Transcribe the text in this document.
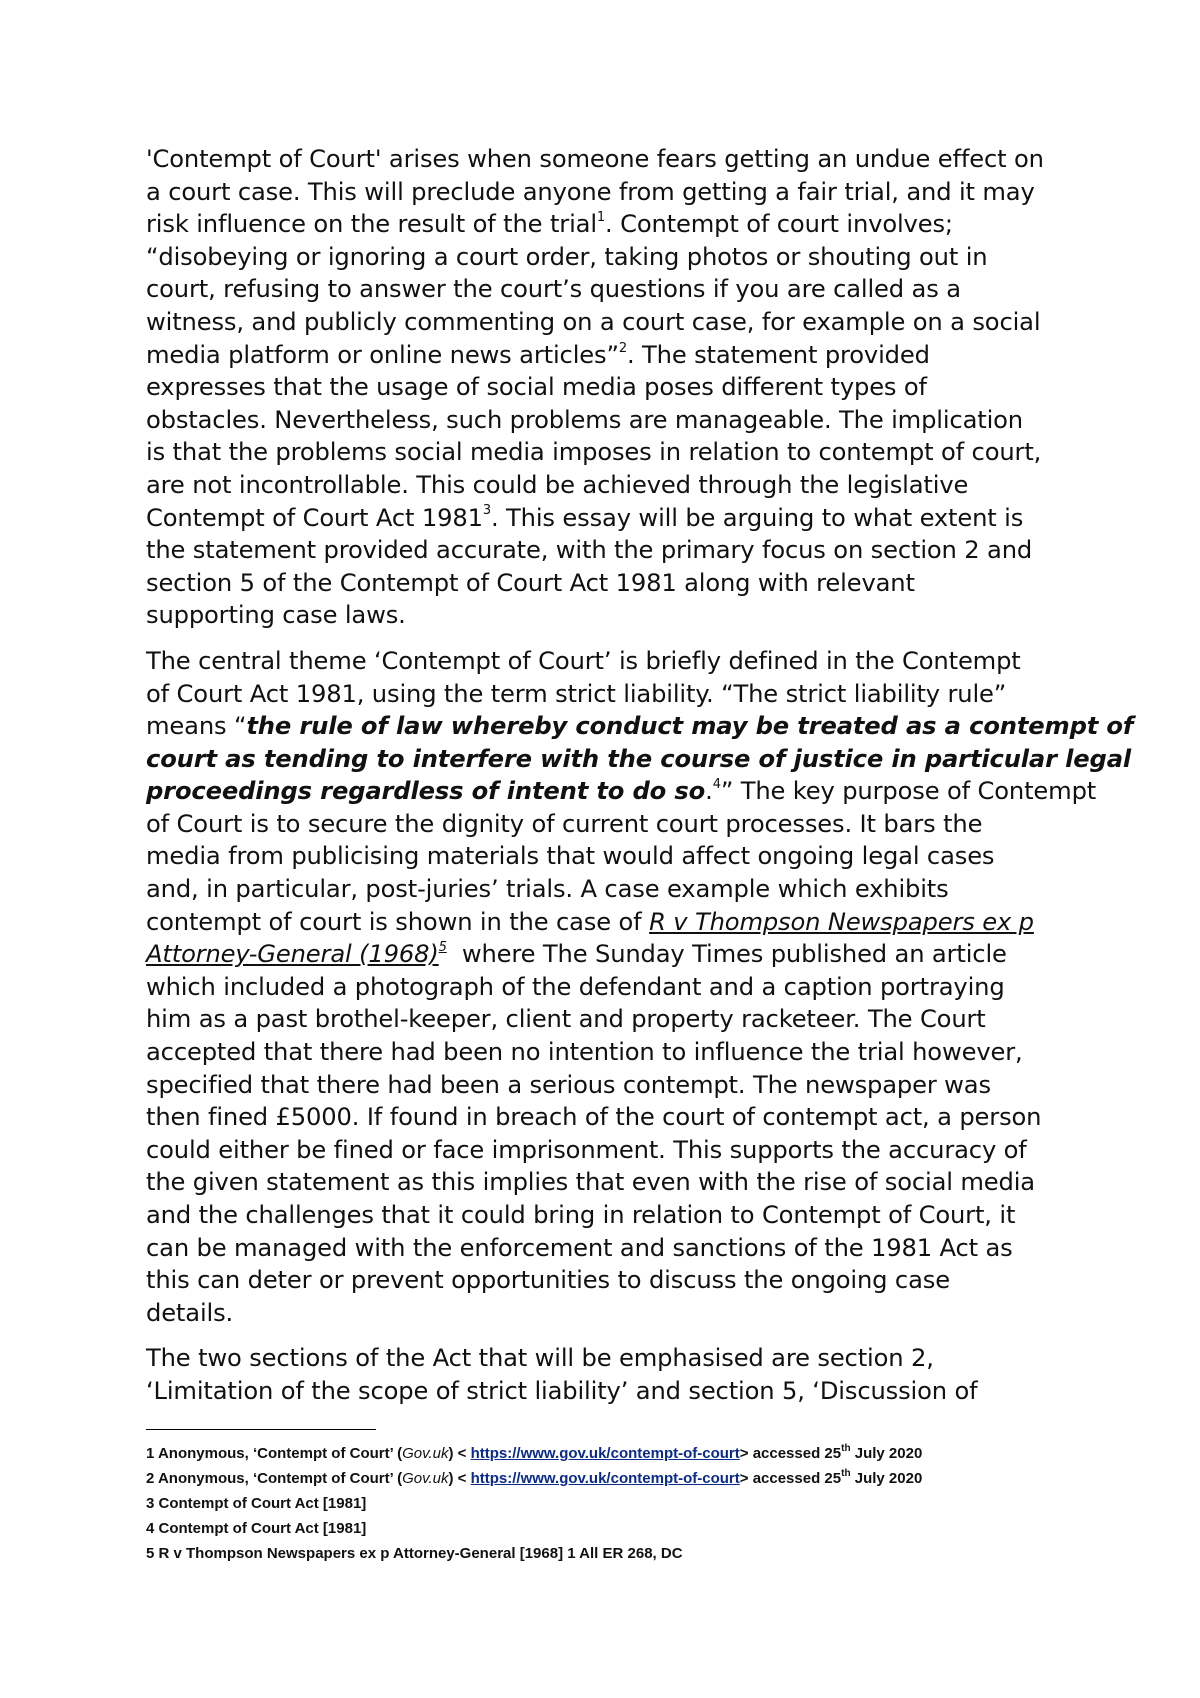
'Contempt of Court' arises when someone fears getting an undue effect on
a court case. This will preclude anyone from getting a fair trial, and it may
risk influence on the result of the trial$^1$. Contempt of court involves;
“disobeying or ignoring a court order, taking photos or shouting out in
court, refusing to answer the court’s questions if you are called as a
witness, and publicly commenting on a court case, for example on a social
media platform or online news articles”$^2$. The statement provided
expresses that the usage of social media poses different types of
obstacles. Nevertheless, such problems are manageable. The implication
is that the problems social media imposes in relation to contempt of court,
are not incontrollable. This could be achieved through the legislative
Contempt of Court Act 1981$^3$. This essay will be arguing to what extent is
the statement provided accurate, with the primary focus on section 2 and
section 5 of the Contempt of Court Act 1981 along with relevant
supporting case laws.

The central theme ‘Contempt of Court’ is briefly defined in the Contempt
of Court Act 1981, using the term strict liability. “The strict liability rule”
means “the rule of law whereby conduct may be treated as a contempt of
court as tending to interfere with the course of justice in particular legal
proceedings regardless of intent to do so.$^4$” The key purpose of Contempt
of Court is to secure the dignity of current court processes. It bars the
media from publicising materials that would affect ongoing legal cases
and, in particular, post-juries’ trials. A case example which exhibits
contempt of court is shown in the case of R v Thompson Newspapers ex p
Attorney-General (1968)$^5$  where The Sunday Times published an article
which included a photograph of the defendant and a caption portraying
him as a past brothel-keeper, client and property racketeer. The Court
accepted that there had been no intention to influence the trial however,
specified that there had been a serious contempt. The newspaper was
then fined £5000. If found in breach of the court of contempt act, a person
could either be fined or face imprisonment. This supports the accuracy of
the given statement as this implies that even with the rise of social media
and the challenges that it could bring in relation to Contempt of Court, it
can be managed with the enforcement and sanctions of the 1981 Act as
this can deter or prevent opportunities to discuss the ongoing case
details.

The two sections of the Act that will be emphasised are section 2,
‘Limitation of the scope of strict liability’ and section 5, ‘Discussion of

1 Anonymous, ‘Contempt of Court’ (Gov.uk) < https://www.gov.uk/contempt-of-court> accessed 25th July 2020
2 Anonymous, ‘Contempt of Court’ (Gov.uk) < https://www.gov.uk/contempt-of-court> accessed 25th July 2020
3 Contempt of Court Act [1981]
4 Contempt of Court Act [1981]
5 R v Thompson Newspapers ex p Attorney-General [1968] 1 All ER 268, DC
